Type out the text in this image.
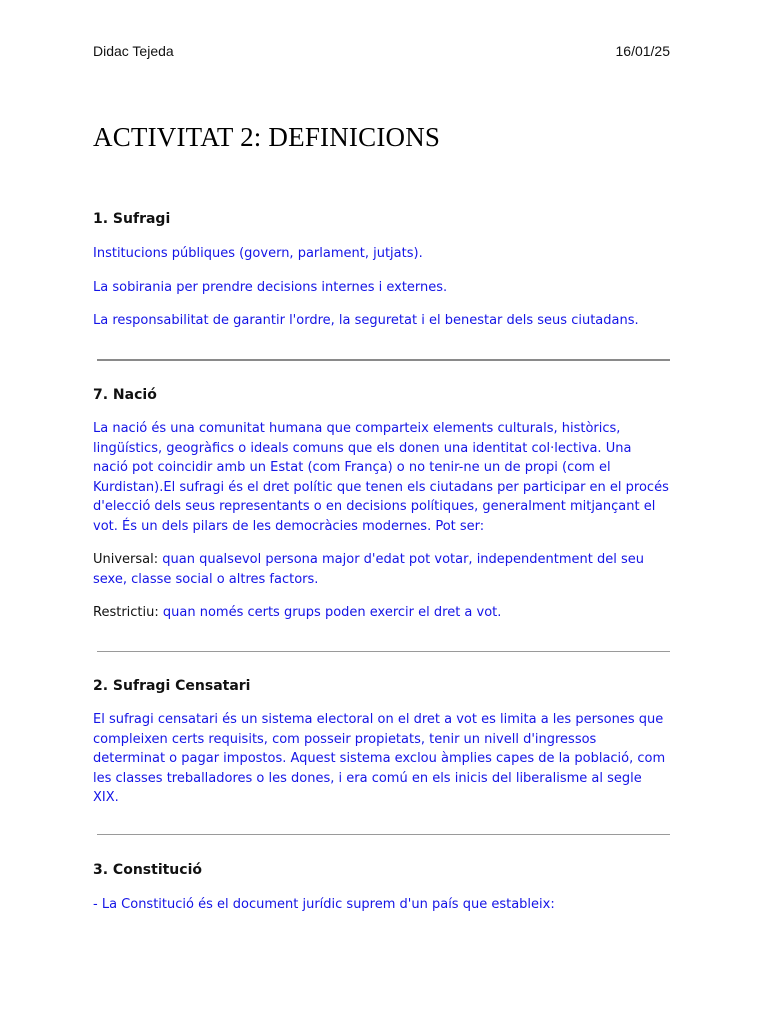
Didac Tejeda	16/01/25
ACTIVITAT 2: DEFINICIONS
1. Sufragi

Institucions públiques (govern, parlament, jutjats).

La sobirania per prendre decisions internes i externes.

La responsabilitat de garantir l'ordre, la seguretat i el benestar dels seus ciutadans.

7. Nació

La nació és una comunitat humana que comparteix elements culturals, històrics, lingüístics, geogràfics o ideals comuns que els donen una identitat col·lectiva. Una nació pot coincidir amb un Estat (com França) o no tenir-ne un de propi (com el Kurdistan).El sufragi és el dret polític que tenen els ciutadans per participar en el procés d'elecció dels seus representants o en decisions polítiques, generalment mitjançant el vot. És un dels pilars de les democràcies modernes. Pot ser:

Universal: quan qualsevol persona major d'edat pot votar, independentment del seu sexe, classe social o altres factors.

Restrictiu: quan només certs grups poden exercir el dret a vot.

2. Sufragi Censatari

El sufragi censatari és un sistema electoral on el dret a vot es limita a les persones que compleixen certs requisits, com posseir propietats, tenir un nivell d'ingressos determinat o pagar impostos. Aquest sistema exclou àmplies capes de la població, com les classes treballadores o les dones, i era comú en els inicis del liberalisme al segle XIX.

3. Constitució

- La Constitució és el document jurídic suprem d'un país que estableix:
